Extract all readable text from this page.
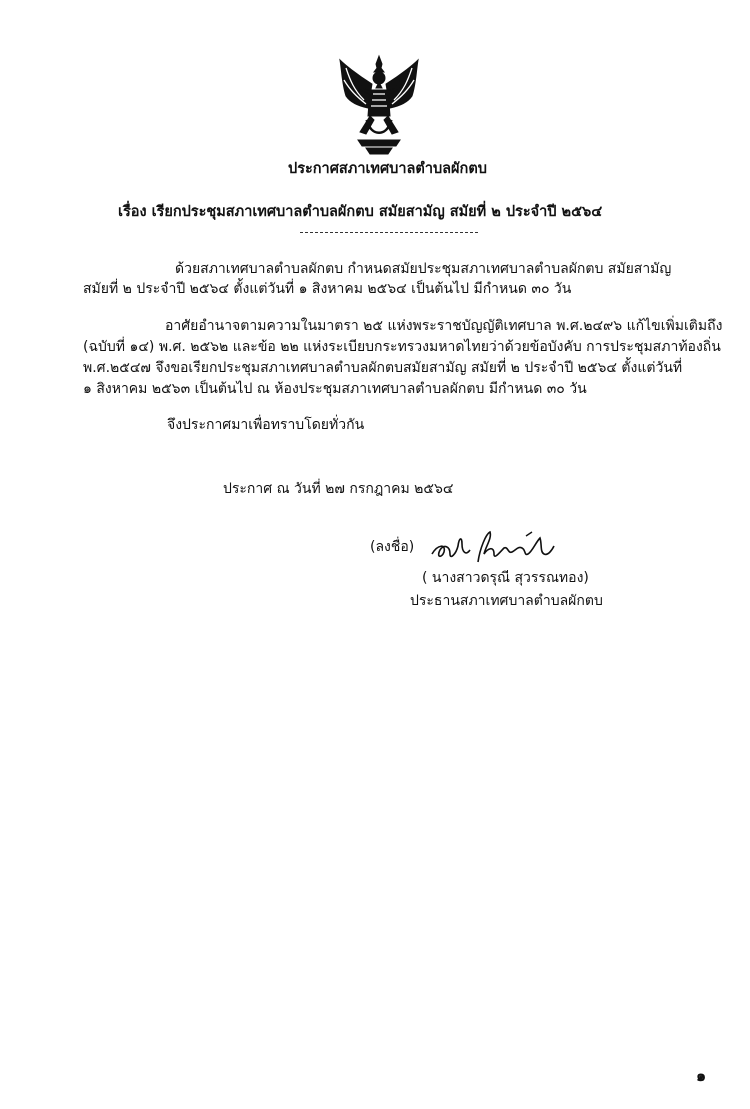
ประกาศสภาเทศบาลตำบลผักตบ
เรื่อง เรียกประชุมสภาเทศบาลตำบลผักตบ สมัยสามัญ สมัยที่ ๒ ประจำปี ๒๕๖๔
ด้วยสภาเทศบาลตำบลผักตบ กำหนดสมัยประชุมสภาเทศบาลตำบลผักตบ สมัยสามัญ
สมัยที่ ๒ ประจำปี ๒๕๖๔ ตั้งแต่วันที่ ๑ สิงหาคม ๒๕๖๔ เป็นต้นไป มีกำหนด ๓๐ วัน
อาศัยอำนาจตามความในมาตรา ๒๕ แห่งพระราชบัญญัติเทศบาล พ.ศ.๒๔๙๖ แก้ไขเพิ่มเติมถึง
(ฉบับที่ ๑๔) พ.ศ. ๒๕๖๒ และข้อ ๒๒ แห่งระเบียบกระทรวงมหาดไทยว่าด้วยข้อบังคับ การประชุมสภาท้องถิ่น
พ.ศ.๒๕๔๗ จึงขอเรียกประชุมสภาเทศบาลตำบลผักตบสมัยสามัญ สมัยที่ ๒ ประจำปี ๒๕๖๔ ตั้งแต่วันที่
๑ สิงหาคม ๒๕๖๓ เป็นต้นไป ณ ห้องประชุมสภาเทศบาลตำบลผักตบ มีกำหนด ๓๐ วัน
จึงประกาศมาเพื่อทราบโดยทั่วกัน
ประกาศ ณ วันที่ ๒๗ กรกฎาคม ๒๕๖๔
(ลงชื่อ)
( นางสาวดรุณี สุวรรณทอง)
ประธานสภาเทศบาลตำบลผักตบ
๑
